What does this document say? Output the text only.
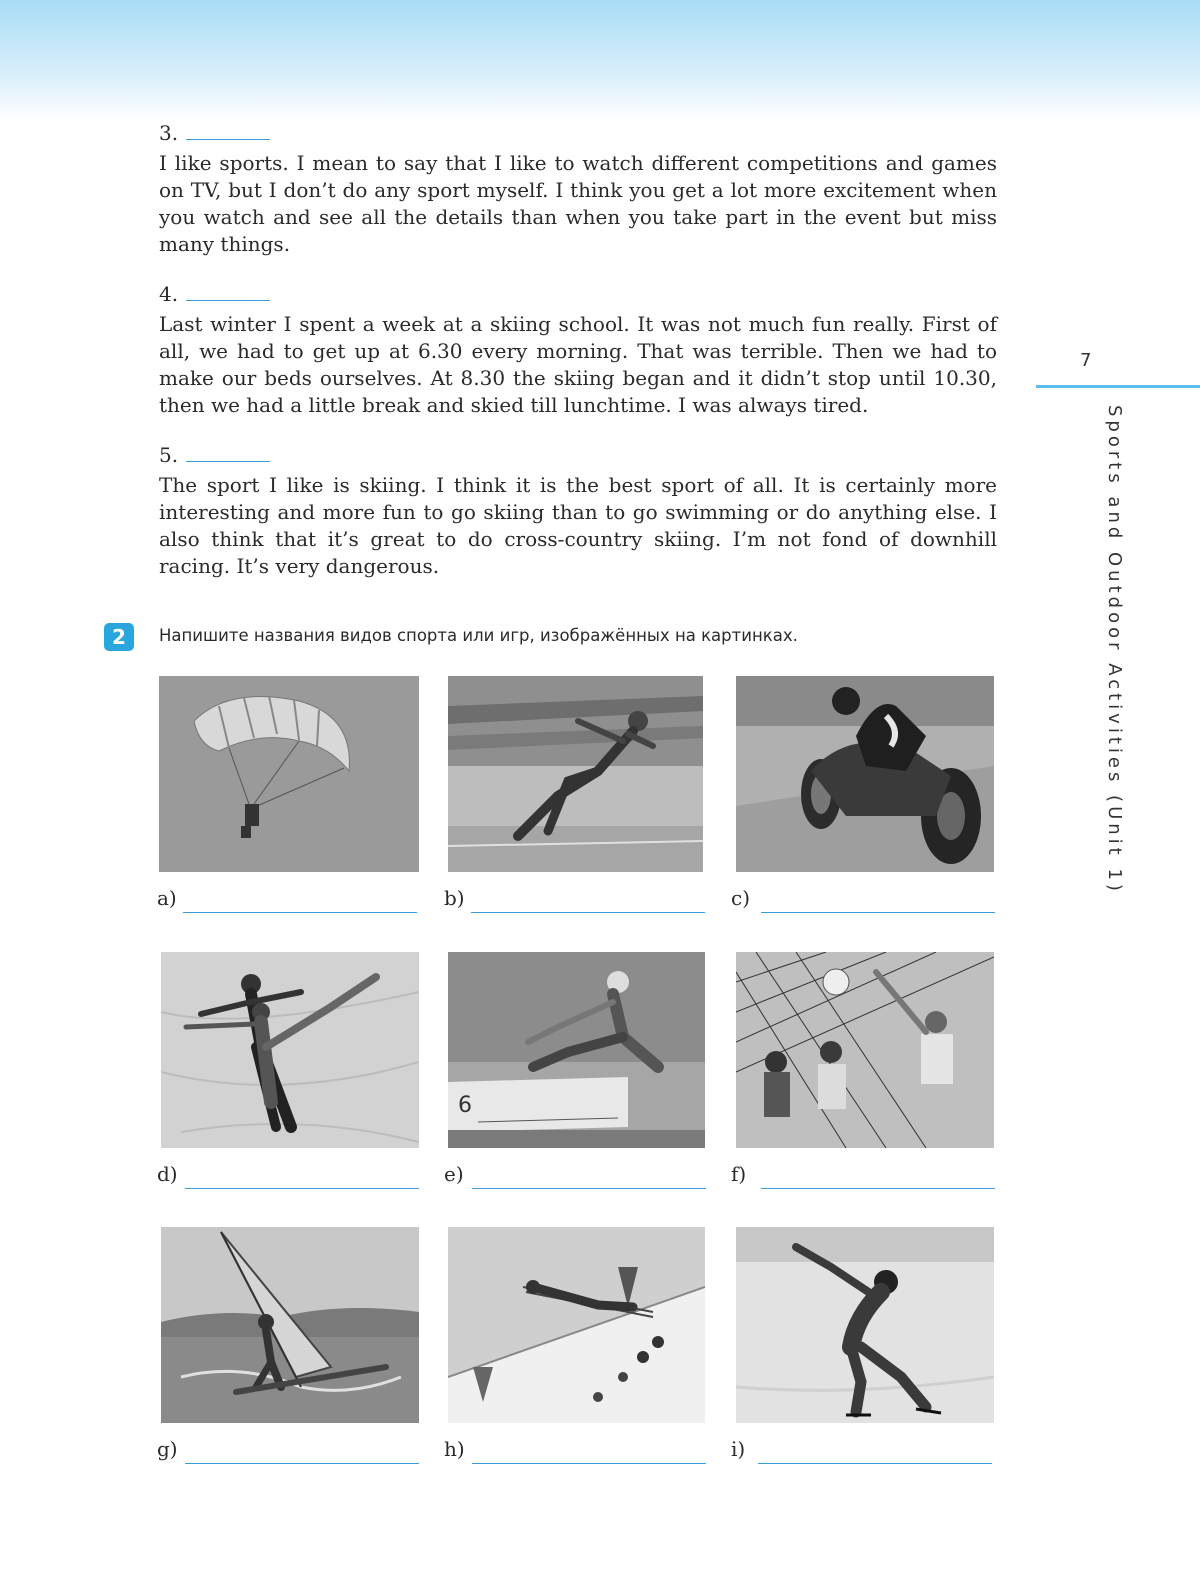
3.

I like sports. I mean to say that I like to watch different competitions and games on TV, but I don’t do any sport myself. I think you get a lot more excitement when you watch and see all the details than when you take part in the event but miss many things.

4.

Last winter I spent a week at a skiing school. It was not much fun really. First of all, we had to get up at 6.30 every morning. That was terrible. Then we had to make our beds ourselves. At 8.30 the skiing began and it didn’t stop until 10.30, then we had a little break and skied till lunchtime. I was always tired.

5.

The sport I like is skiing. I think it is the best sport of all. It is certainly more interesting and more fun to go skiing than to go swimming or do anything else. I also think that it’s great to do cross-country skiing. I’m not fond of downhill racing. It’s very dangerous.

7
Sports and Outdoor Activities (Unit 1)
2	Напишите названия видов спорта или игр, изображённых на картинках.
a)	b)	c)
d)
6
e)	f)
g)	h)	i)
